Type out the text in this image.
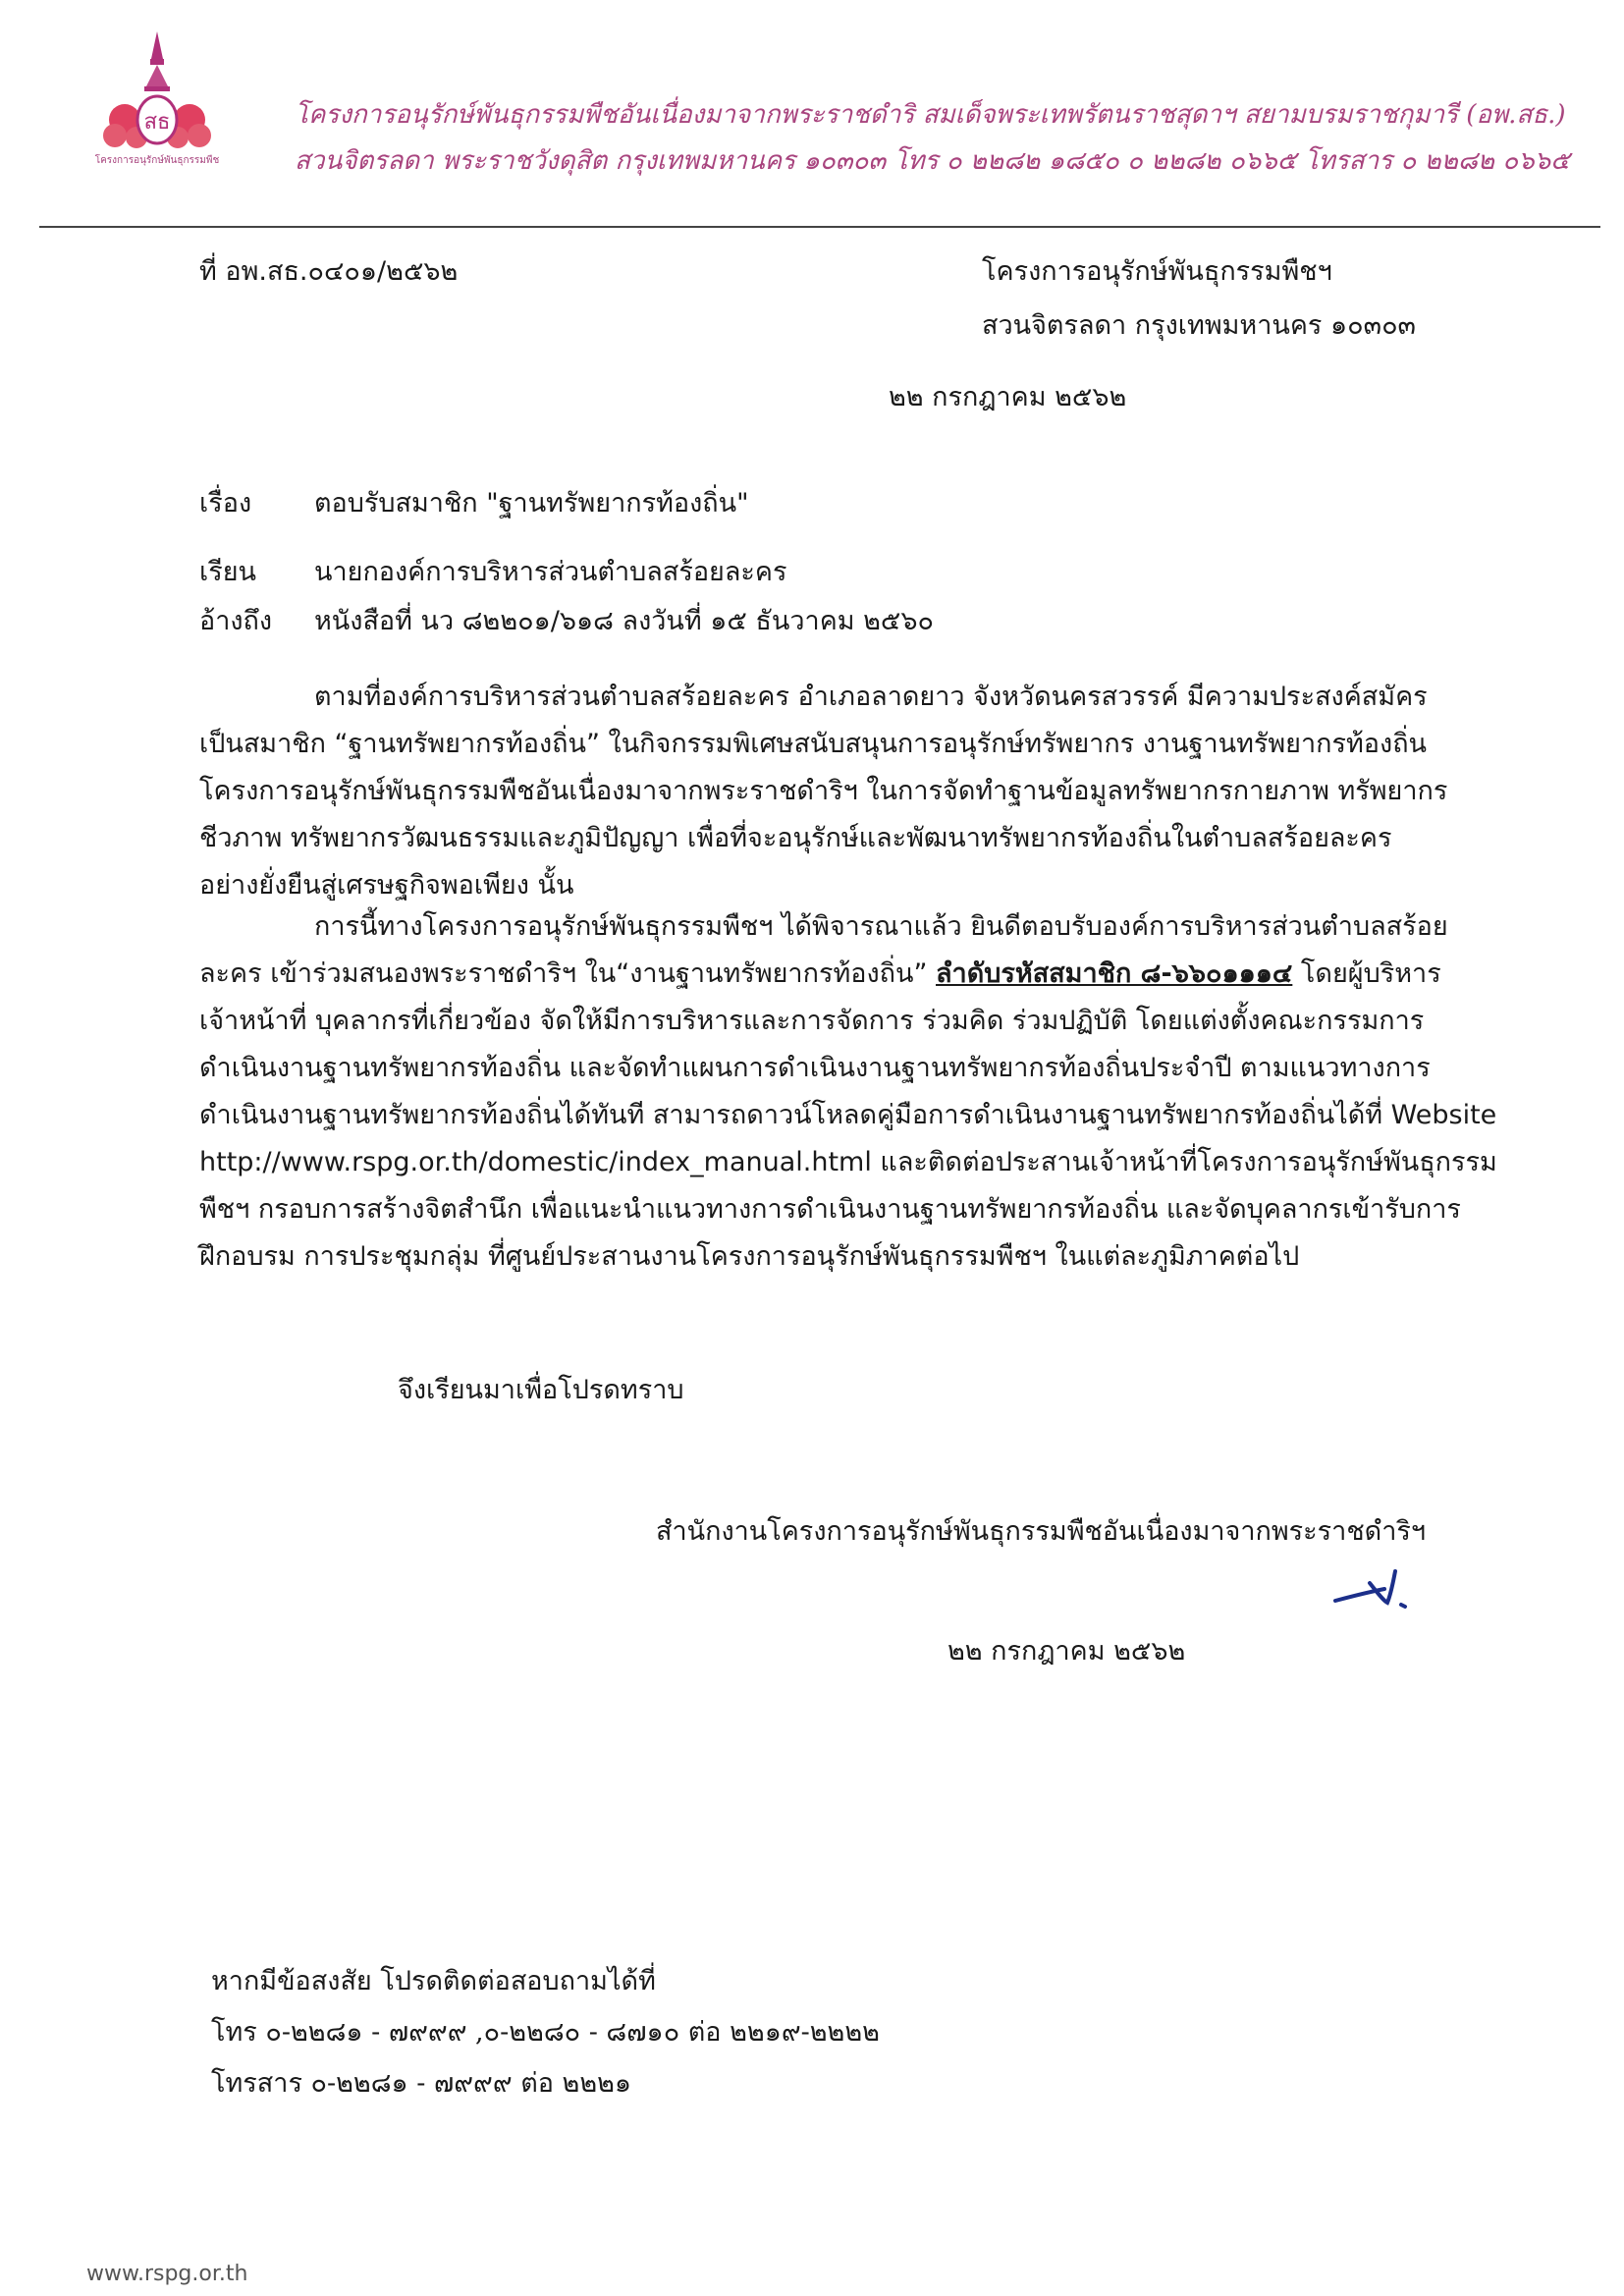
สธ
โครงการอนุรักษ์พันธุกรรมพืช
โครงการอนุรักษ์พันธุกรรมพืชอันเนื่องมาจากพระราชดำริ สมเด็จพระเทพรัตนราชสุดาฯ สยามบรมราชกุมารี (อพ.สธ.)
สวนจิตรลดา พระราชวังดุสิต กรุงเทพมหานคร ๑๐๓๐๓ โทร ๐ ๒๒๘๒ ๑๘๕๐ ๐ ๒๒๘๒ ๐๖๖๕ โทรสาร ๐ ๒๒๘๒ ๐๖๖๕
ที่ อพ.สธ.๐๔๐๑/๒๕๖๒	โครงการอนุรักษ์พันธุกรรมพืชฯ
สวนจิตรลดา กรุงเทพมหานคร ๑๐๓๐๓
๒๒ กรกฎาคม ๒๕๖๒
เรื่อง ตอบรับสมาชิก "ฐานทรัพยากรท้องถิ่น"
เรียน นายกองค์การบริหารส่วนตำบลสร้อยละคร
อ้างถึง หนังสือที่ นว ๘๒๒๐๑/๖๑๘ ลงวันที่ ๑๕ ธันวาคม ๒๕๖๐
ตามที่องค์การบริหารส่วนตำบลสร้อยละคร อำเภอลาดยาว จังหวัดนครสวรรค์ มีความประสงค์สมัคร
เป็นสมาชิก “ฐานทรัพยากรท้องถิ่น” ในกิจกรรมพิเศษสนับสนุนการอนุรักษ์ทรัพยากร งานฐานทรัพยากรท้องถิ่น
โครงการอนุรักษ์พันธุกรรมพืชอันเนื่องมาจากพระราชดำริฯ ในการจัดทำฐานข้อมูลทรัพยากรกายภาพ ทรัพยากร
ชีวภาพ ทรัพยากรวัฒนธรรมและภูมิปัญญา เพื่อที่จะอนุรักษ์และพัฒนาทรัพยากรท้องถิ่นในตำบลสร้อยละคร
อย่างยั่งยืนสู่เศรษฐกิจพอเพียง นั้น
การนี้ทางโครงการอนุรักษ์พันธุกรรมพืชฯ ได้พิจารณาแล้ว ยินดีตอบรับองค์การบริหารส่วนตำบลสร้อย
ละคร เข้าร่วมสนองพระราชดำริฯ ใน“งานฐานทรัพยากรท้องถิ่น” ลำดับรหัสสมาชิก ๘-๖๖๐๑๑๑๔ โดยผู้บริหาร
เจ้าหน้าที่ บุคลากรที่เกี่ยวข้อง จัดให้มีการบริหารและการจัดการ ร่วมคิด ร่วมปฏิบัติ โดยแต่งตั้งคณะกรรมการ
ดำเนินงานฐานทรัพยากรท้องถิ่น และจัดทำแผนการดำเนินงานฐานทรัพยากรท้องถิ่นประจำปี ตามแนวทางการ
ดำเนินงานฐานทรัพยากรท้องถิ่นได้ทันที สามารถดาวน์โหลดคู่มือการดำเนินงานฐานทรัพยากรท้องถิ่นได้ที่ Website
http://www.rspg.or.th/domestic/index_manual.html และติดต่อประสานเจ้าหน้าที่โครงการอนุรักษ์พันธุกรรม
พืชฯ กรอบการสร้างจิตสำนึก เพื่อแนะนำแนวทางการดำเนินงานฐานทรัพยากรท้องถิ่น และจัดบุคลากรเข้ารับการ
ฝึกอบรม การประชุมกลุ่ม ที่ศูนย์ประสานงานโครงการอนุรักษ์พันธุกรรมพืชฯ ในแต่ละภูมิภาคต่อไป
จึงเรียนมาเพื่อโปรดทราบ
สำนักงานโครงการอนุรักษ์พันธุกรรมพืชอันเนื่องมาจากพระราชดำริฯ
๒๒ กรกฎาคม ๒๕๖๒
หากมีข้อสงสัย โปรดติดต่อสอบถามได้ที่
โทร ๐-๒๒๘๑ - ๗๙๙๙ ,๐-๒๒๘๐ - ๘๗๑๐ ต่อ ๒๒๑๙-๒๒๒๒
โทรสาร ๐-๒๒๘๑ - ๗๙๙๙ ต่อ ๒๒๒๑
www.rspg.or.th
